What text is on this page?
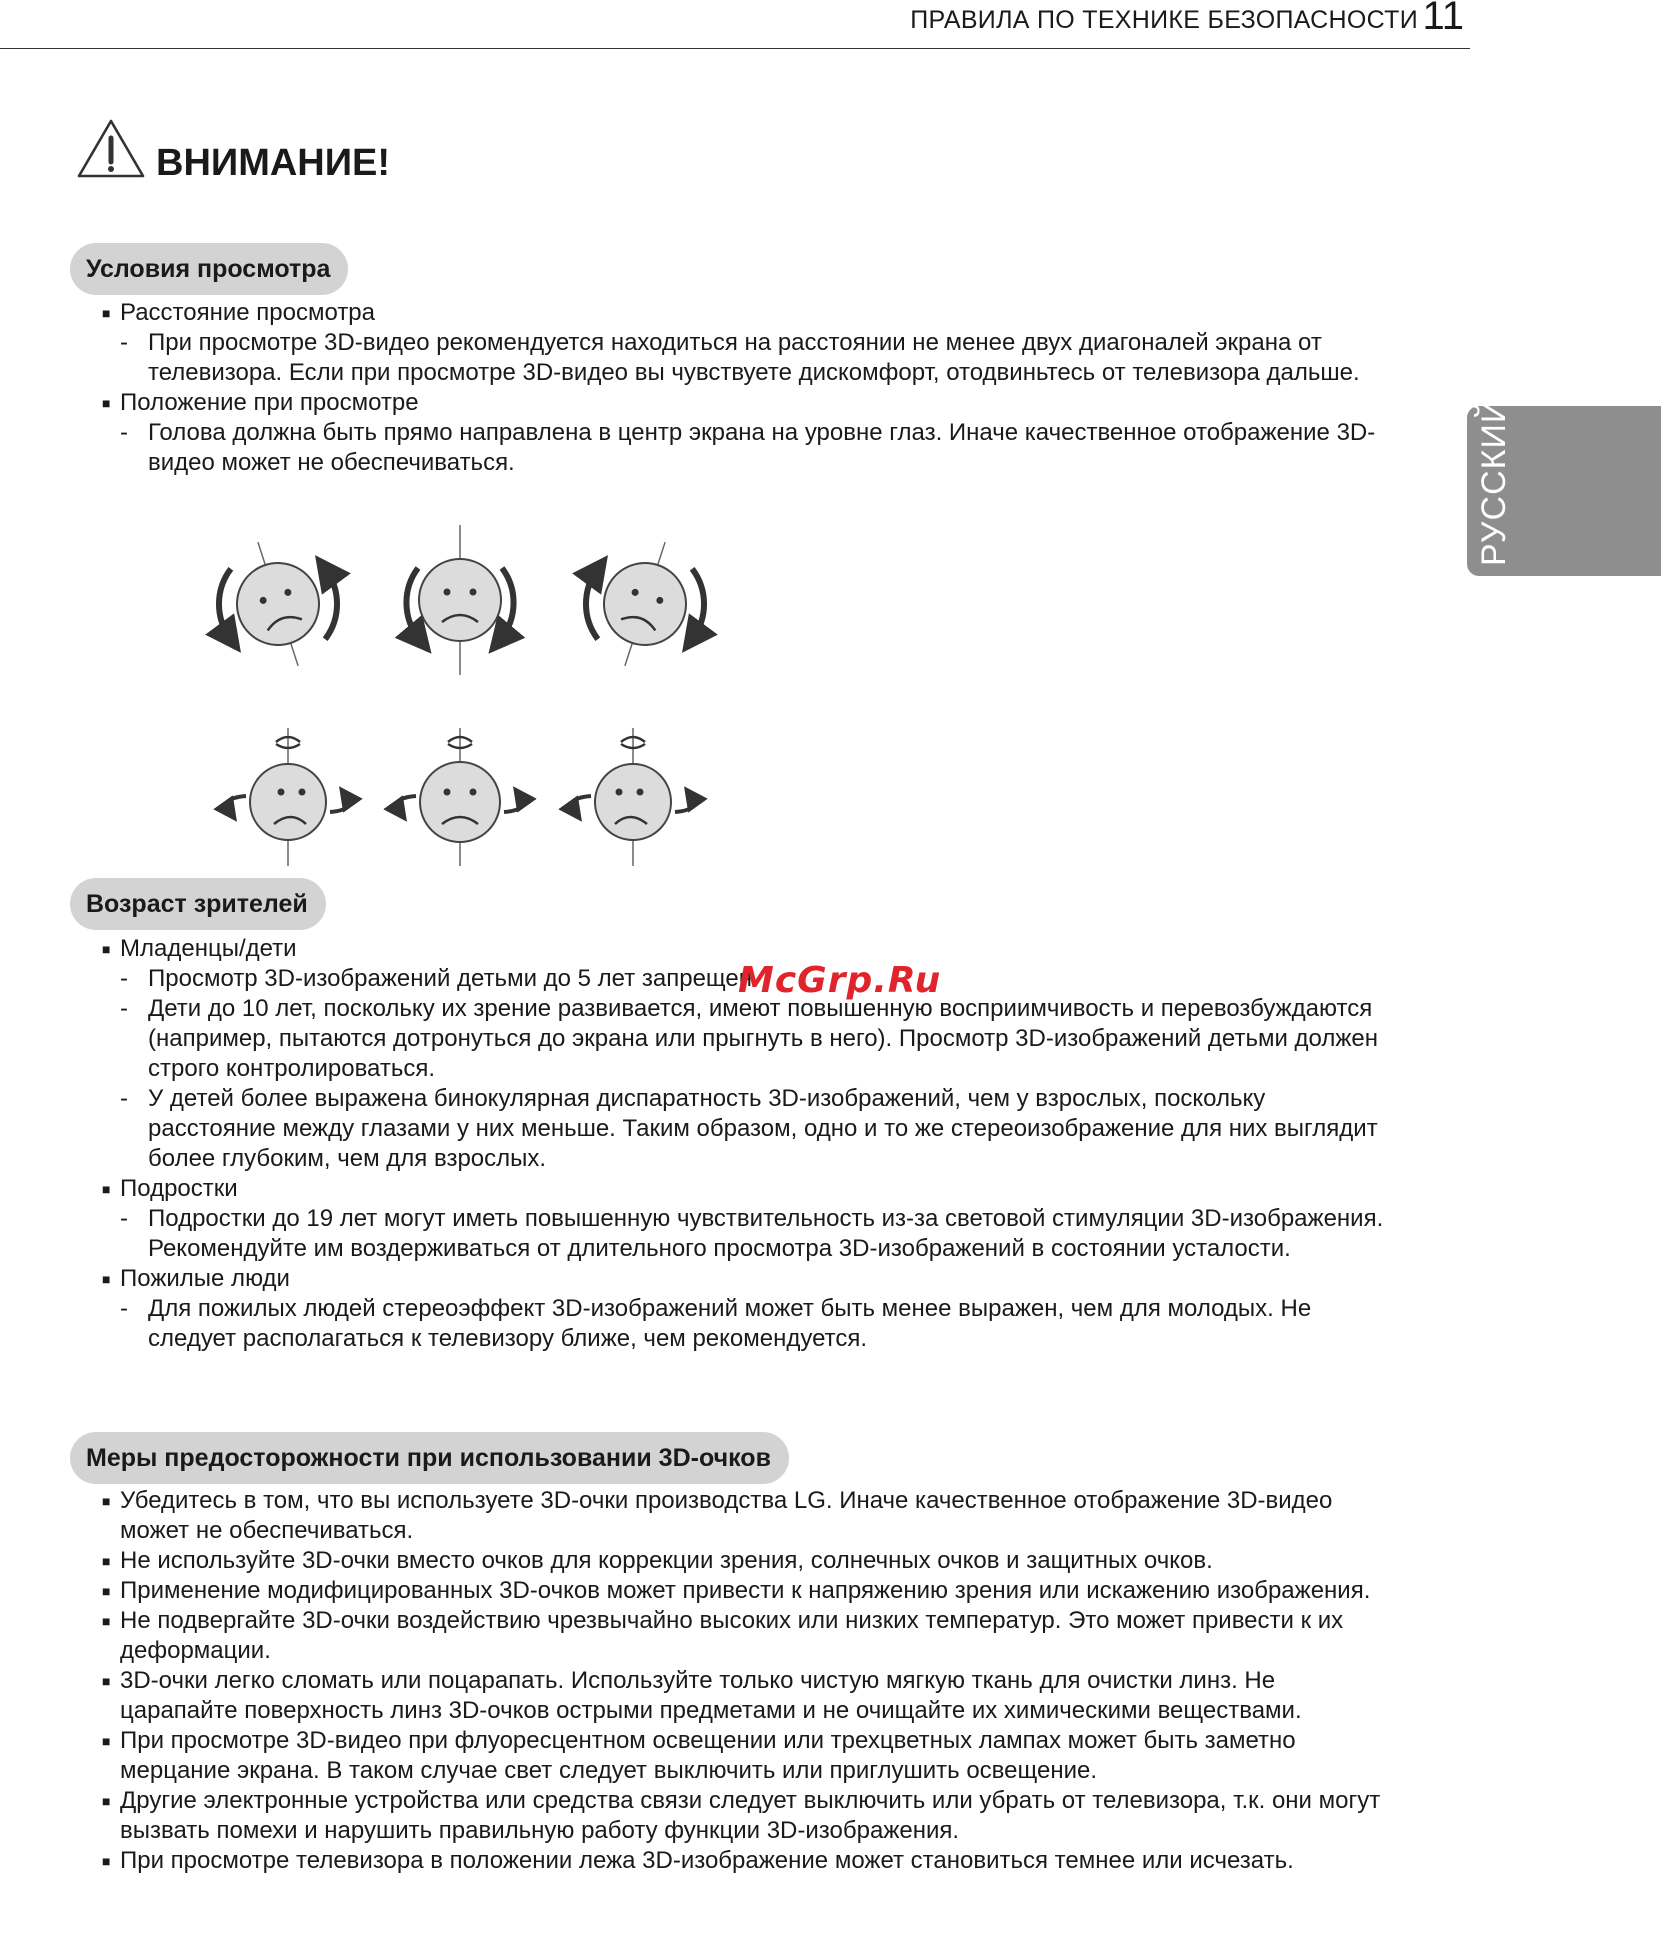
ПРАВИЛА ПО ТЕХНИКЕ БЕЗОПАСНОСТИ 11
РУССКИЙ
ВНИМАНИЕ!
Условия просмотра
■ Расстояние просмотра
- При просмотре 3D-видео рекомендуется находиться на расстоянии не менее двух диагоналей экрана от телевизора. Если при просмотре 3D-видео вы чувствуете дискомфорт, отодвиньтесь от телевизора дальше.
■ Положение при просмотре
- Голова должна быть прямо направлена в центр экрана на уровне глаз. Иначе качественное отображение 3D-видео может не обеспечиваться.
Возраст зрителей
■ Младенцы/дети
- Просмотр 3D-изображений детьми до 5 лет запрещен.
- Дети до 10 лет, поскольку их зрение развивается, имеют повышенную восприимчивость и перевозбуждаются (например, пытаются дотронуться до экрана или прыгнуть в него). Просмотр 3D-изображений детьми должен строго контролироваться.
- У детей более выражена бинокулярная диспаратность 3D-изображений, чем у взрослых, поскольку расстояние между глазами у них меньше. Таким образом, одно и то же стереоизображение для них выглядит более глубоким, чем для взрослых.
■ Подростки
- Подростки до 19 лет могут иметь повышенную чувствительность из-за световой стимуляции 3D-изображения. Рекомендуйте им воздерживаться от длительного просмотра 3D-изображений в состоянии усталости.
■ Пожилые люди
- Для пожилых людей стереоэффект 3D-изображений может быть менее выражен, чем для молодых. Не следует располагаться к телевизору ближе, чем рекомендуется.
Меры предосторожности при использовании 3D-очков
■ Убедитесь в том, что вы используете 3D-очки производства LG. Иначе качественное отображение 3D-видео может не обеспечиваться.
■ Не используйте 3D-очки вместо очков для коррекции зрения, солнечных очков и защитных очков.
■ Применение модифицированных 3D-очков может привести к напряжению зрения или искажению изображения.
■ Не подвергайте 3D-очки воздействию чрезвычайно высоких или низких температур. Это может привести к их деформации.
■ 3D-очки легко сломать или поцарапать. Используйте только чистую мягкую ткань для очистки линз. Не царапайте поверхность линз 3D-очков острыми предметами и не очищайте их химическими веществами.
■ При просмотре 3D-видео при флуоресцентном освещении или трехцветных лампах может быть заметно мерцание экрана. В таком случае свет следует выключить или приглушить освещение.
■ Другие электронные устройства или средства связи следует выключить или убрать от телевизора, т.к. они могут вызвать помехи и нарушить правильную работу функции 3D-изображения.
■ При просмотре телевизора в положении лежа 3D-изображение может становиться темнее или исчезать.
McGrp.Ru
